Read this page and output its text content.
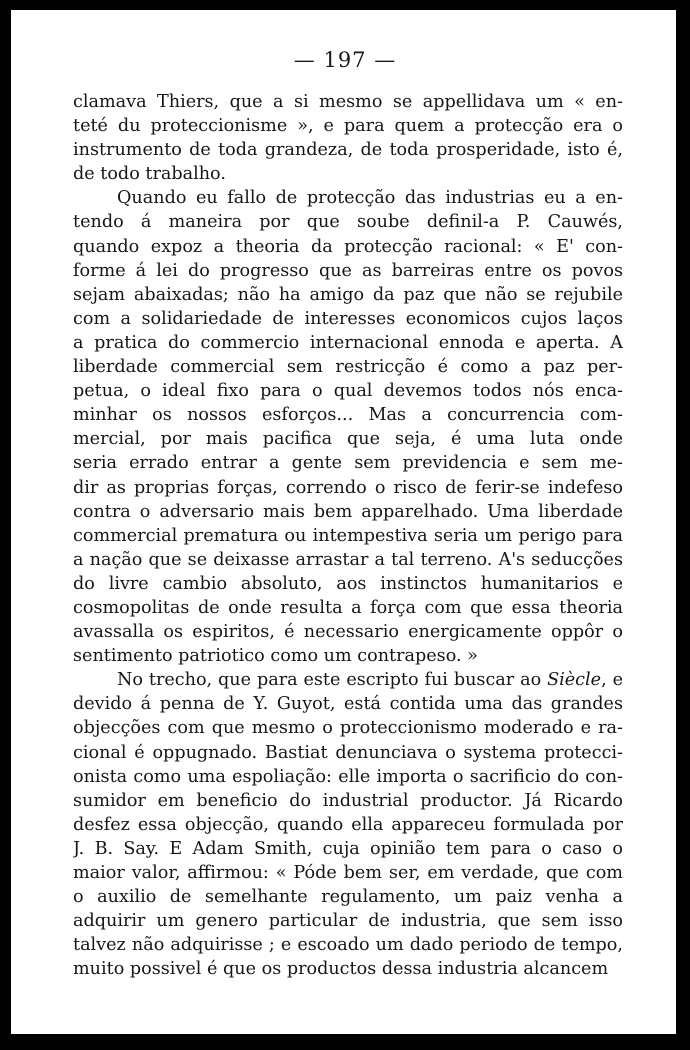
— 197 —
clamava Thiers, que a si mesmo se appellidava um « en-
teté du proteccionisme », e para quem a protecção era o
instrumento de toda grandeza, de toda prosperidade, isto é,
de todo trabalho.
Quando eu fallo de protecção das industrias eu a en-
tendo á maneira por que soube definil-a P. Cauwés,
quando expoz a theoria da protecção racional: « E' con-
forme á lei do progresso que as barreiras entre os povos
sejam abaixadas; não ha amigo da paz que não se rejubile
com a solidariedade de interesses economicos cujos laços
a pratica do commercio internacional ennoda e aperta. A
liberdade commercial sem restricção é como a paz per-
petua, o ideal fixo para o qual devemos todos nós enca-
minhar os nossos esforços... Mas a concurrencia com-
mercial, por mais pacifica que seja, é uma luta onde
seria errado entrar a gente sem previdencia e sem me-
dir as proprias forças, correndo o risco de ferir-se indefeso
contra o adversario mais bem apparelhado. Uma liberdade
commercial prematura ou intempestiva seria um perigo para
a nação que se deixasse arrastar a tal terreno. A's seducções
do livre cambio absoluto, aos instinctos humanitarios e
cosmopolitas de onde resulta a força com que essa theoria
avassalla os espiritos, é necessario energicamente oppôr o
sentimento patriotico como um contrapeso. »
No trecho, que para este escripto fui buscar ao Siècle, e
devido á penna de Y. Guyot, está contida uma das grandes
objecções com que mesmo o proteccionismo moderado e ra-
cional é oppugnado. Bastiat denunciava o systema protecci-
onista como uma espoliação: elle importa o sacrificio do con-
sumidor em beneficio do industrial productor. Já Ricardo
desfez essa objecção, quando ella appareceu formulada por
J. B. Say. E Adam Smith, cuja opinião tem para o caso o
maior valor, affirmou: « Póde bem ser, em verdade, que com
o auxilio de semelhante regulamento, um paiz venha a
adquirir um genero particular de industria, que sem isso
talvez não adquirisse ; e escoado um dado periodo de tempo,
muito possivel é que os productos dessa industria alcancem
